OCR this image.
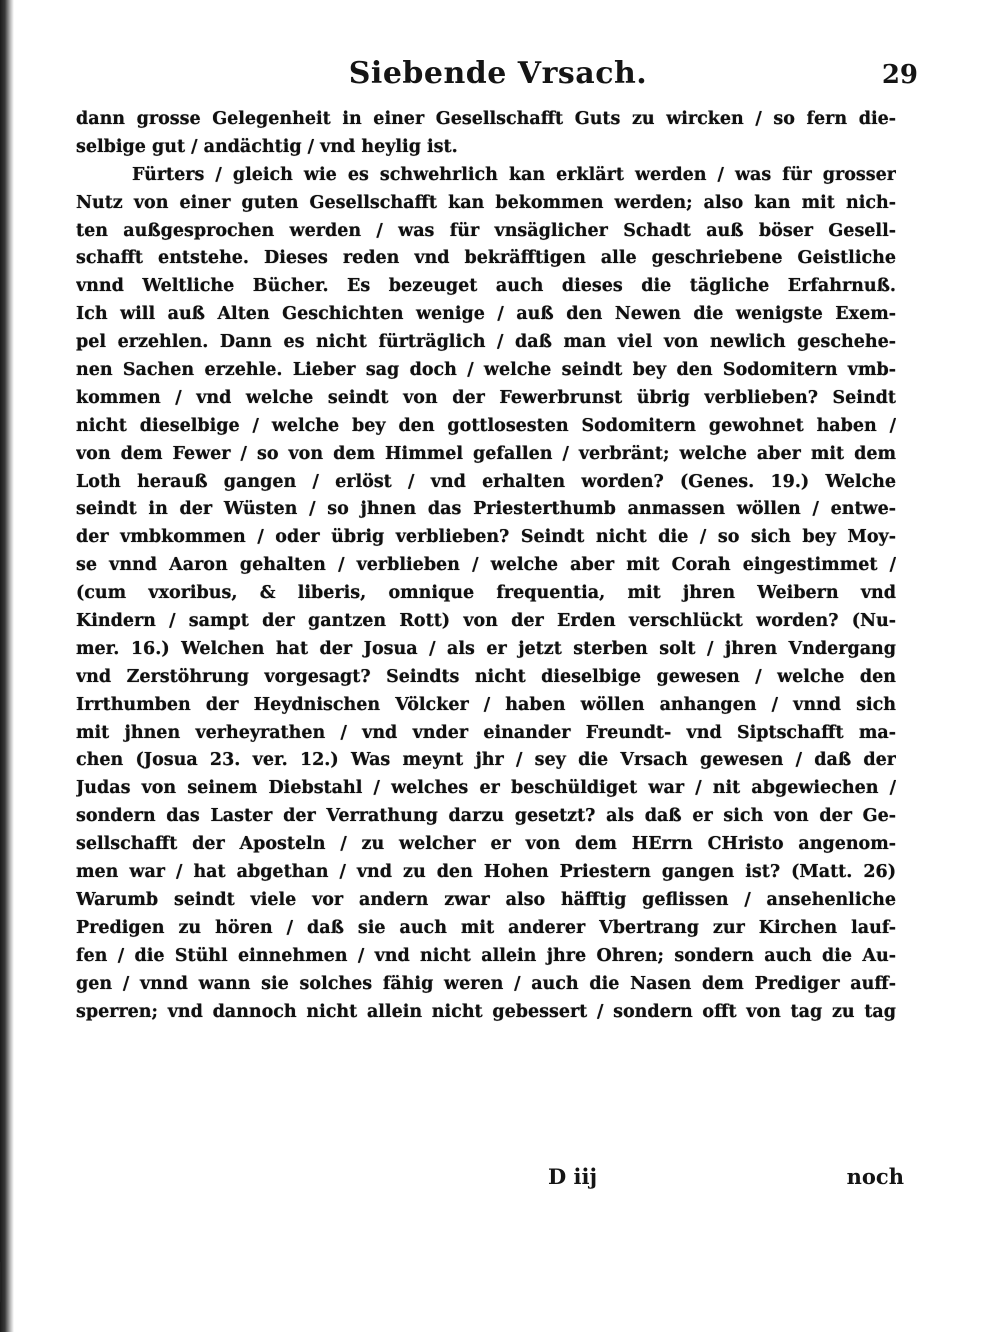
Siebende Vrsach.	29
dann grosse Gelegenheit in einer Gesellschafft Guts zu wircken / so fern die-
selbige gut / andächtig / vnd heylig ist.
Fürters / gleich wie es schwehrlich kan erklärt werden / was für grosser
Nutz von einer guten Gesellschafft kan bekommen werden; also kan mit nich-
ten außgesprochen werden / was für vnsäglicher Schadt auß böser Gesell-
schafft entstehe. Dieses reden vnd bekräfftigen alle geschriebene Geistliche
vnnd Weltliche Bücher. Es bezeuget auch dieses die tägliche Erfahrnuß.
Ich will auß Alten Geschichten wenige / auß den Newen die wenigste Exem-
pel erzehlen. Dann es nicht fürträglich / daß man viel von newlich geschehe-
nen Sachen erzehle. Lieber sag doch / welche seindt bey den Sodomitern vmb-
kommen / vnd welche seindt von der Fewerbrunst übrig verblieben? Seindt
nicht dieselbige / welche bey den gottlosesten Sodomitern gewohnet haben /
von dem Fewer / so von dem Himmel gefallen / verbränt; welche aber mit dem
Loth herauß gangen / erlöst / vnd erhalten worden? (Genes. 19.) Welche
seindt in der Wüsten / so jhnen das Priesterthumb anmassen wöllen / entwe-
der vmbkommen / oder übrig verblieben? Seindt nicht die / so sich bey Moy-
se vnnd Aaron gehalten / verblieben / welche aber mit Corah eingestimmet /
(cum vxoribus, & liberis, omnique frequentia, mit jhren Weibern vnd
Kindern / sampt der gantzen Rott) von der Erden verschlückt worden? (Nu-
mer. 16.) Welchen hat der Josua / als er jetzt sterben solt / jhren Vndergang
vnd Zerstöhrung vorgesagt? Seindts nicht dieselbige gewesen / welche den
Irrthumben der Heydnischen Völcker / haben wöllen anhangen / vnnd sich
mit jhnen verheyrathen / vnd vnder einander Freundt- vnd Siptschafft ma-
chen (Josua 23. ver. 12.) Was meynt jhr / sey die Vrsach gewesen / daß der
Judas von seinem Diebstahl / welches er beschüldiget war / nit abgewiechen /
sondern das Laster der Verrathung darzu gesetzt? als daß er sich von der Ge-
sellschafft der Aposteln / zu welcher er von dem HErrn CHristo angenom-
men war / hat abgethan / vnd zu den Hohen Priestern gangen ist? (Matt. 26)
Warumb seindt viele vor andern zwar also häfftig geflissen / ansehenliche
Predigen zu hören / daß sie auch mit anderer Vbertrang zur Kirchen lauf-
fen / die Stühl einnehmen / vnd nicht allein jhre Ohren; sondern auch die Au-
gen / vnnd wann sie solches fähig weren / auch die Nasen dem Prediger auff-
sperren; vnd dannoch nicht allein nicht gebessert / sondern offt von tag zu tag
D iij	noch
